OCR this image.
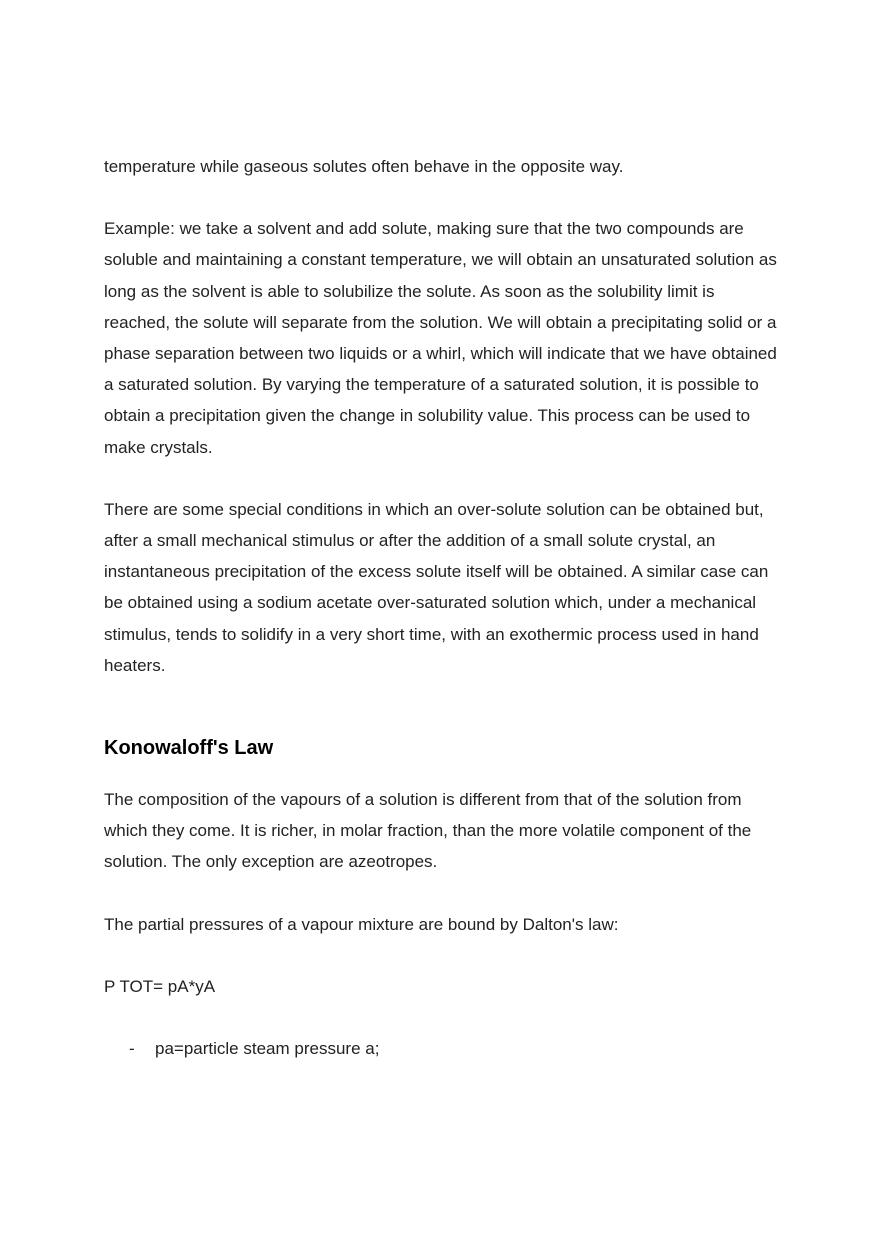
temperature while gaseous solutes often behave in the opposite way.

Example: we take a solvent and add solute, making sure that the two compounds are soluble and maintaining a constant temperature, we will obtain an unsaturated solution as long as the solvent is able to solubilize the solute. As soon as the solubility limit is reached, the solute will separate from the solution. We will obtain a precipitating solid or a phase separation between two liquids or a whirl, which will indicate that we have obtained a saturated solution. By varying the temperature of a saturated solution, it is possible to obtain a precipitation given the change in solubility value. This process can be used to make crystals.

There are some special conditions in which an over-solute solution can be obtained but, after a small mechanical stimulus or after the addition of a small solute crystal, an instantaneous precipitation of the excess solute itself will be obtained. A similar case can be obtained using a sodium acetate over-saturated solution which, under a mechanical stimulus, tends to solidify in a very short time, with an exothermic process used in hand heaters.

Konowaloff's Law

The composition of the vapours of a solution is different from that of the solution from which they come. It is richer, in molar fraction, than the more volatile component of the solution. The only exception are azeotropes.

The partial pressures of a vapour mixture are bound by Dalton's law:

P TOT= pA*yA

-	pa=particle steam pressure a;
